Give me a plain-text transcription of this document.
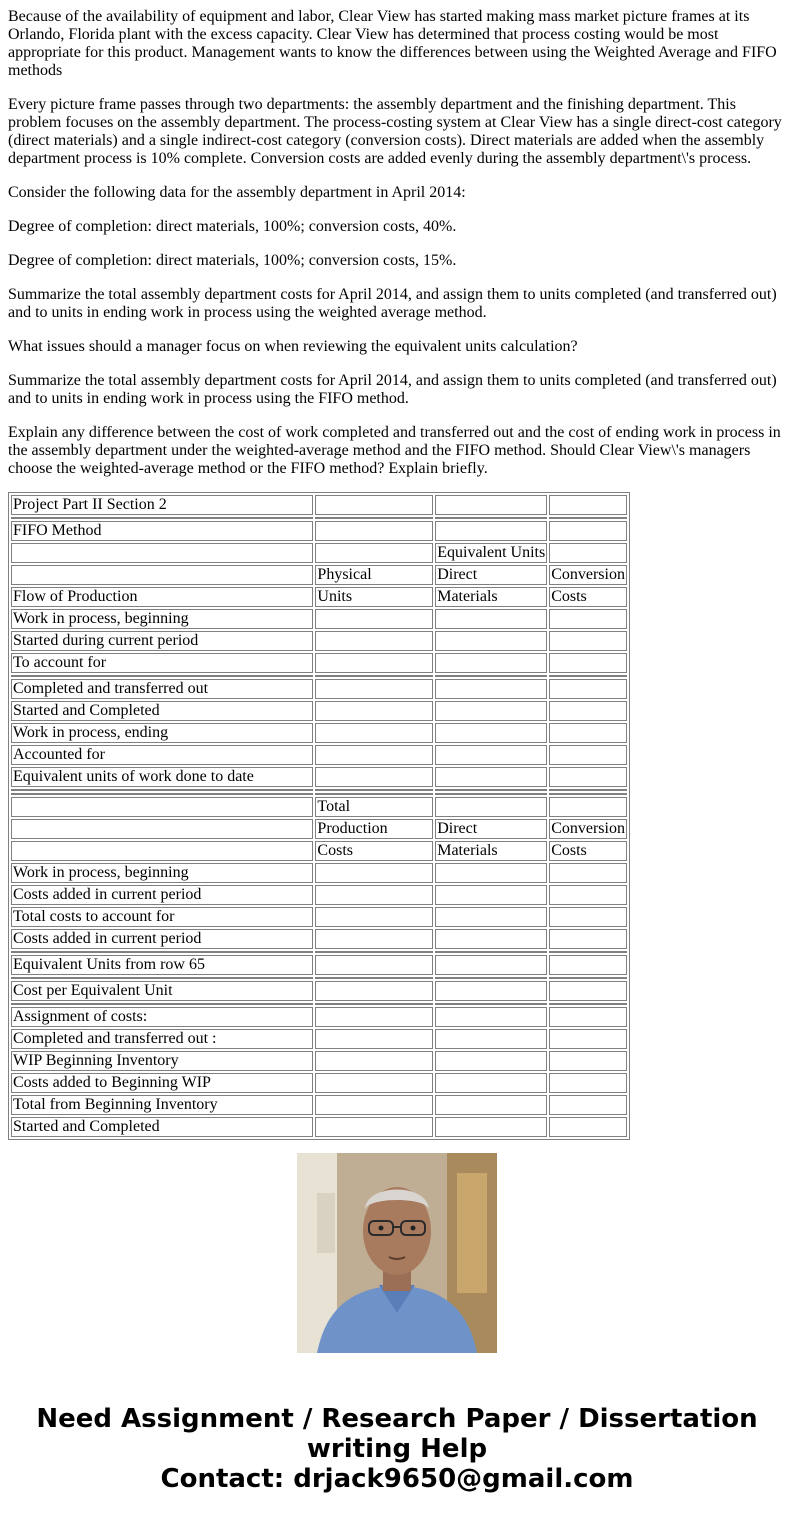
Because of the availability of equipment and labor, Clear View has started making mass market picture frames at its Orlando, Florida plant with the excess capacity. Clear View has determined that process costing would be most appropriate for this product. Management wants to know the differences between using the Weighted Average and FIFO methods

Every picture frame passes through two departments: the assembly department and the finishing department. This problem focuses on the assembly department. The process-costing system at Clear View has a single direct-cost category (direct materials) and a single indirect-cost category (conversion costs). Direct materials are added when the assembly department process is 10% complete. Conversion costs are added evenly during the assembly department\'s process.

Consider the following data for the assembly department in April 2014:

Degree of completion: direct materials, 100%; conversion costs, 40%.

Degree of completion: direct materials, 100%; conversion costs, 15%.

Summarize the total assembly department costs for April 2014, and assign them to units completed (and transferred out) and to units in ending work in process using the weighted average method.

What issues should a manager focus on when reviewing the equivalent units calculation?

Summarize the total assembly department costs for April 2014, and assign them to units completed (and transferred out) and to units in ending work in process using the FIFO method.

Explain any difference between the cost of work completed and transferred out and the cost of ending work in process in the assembly department under the weighted-average method and the FIFO method. Should Clear View\'s managers choose the weighted-average method or the FIFO method? Explain briefly.

Project Part II Section 2			

FIFO Method			
		Equivalent Units	
	Physical	Direct	Conversion
Flow of Production	Units	Materials	Costs
Work in process, beginning			
Started during current period			
To account for			

Completed and transferred out			
Started and Completed			
Work in process, ending			
Accounted for			
Equivalent units of work done to date			

	Total		
	Production	Direct	Conversion
	Costs	Materials	Costs
Work in process, beginning			
Costs added in current period			
Total costs to account for			
Costs added in current period			

Equivalent Units from row 65			

Cost per Equivalent Unit			

Assignment of costs:			
Completed and transferred out :			
WIP Beginning Inventory			
Costs added to Beginning WIP			
Total from Beginning Inventory			
Started and Completed			
Need Assignment / Research Paper / Dissertation
writing Help
Contact: drjack9650@gmail.com
